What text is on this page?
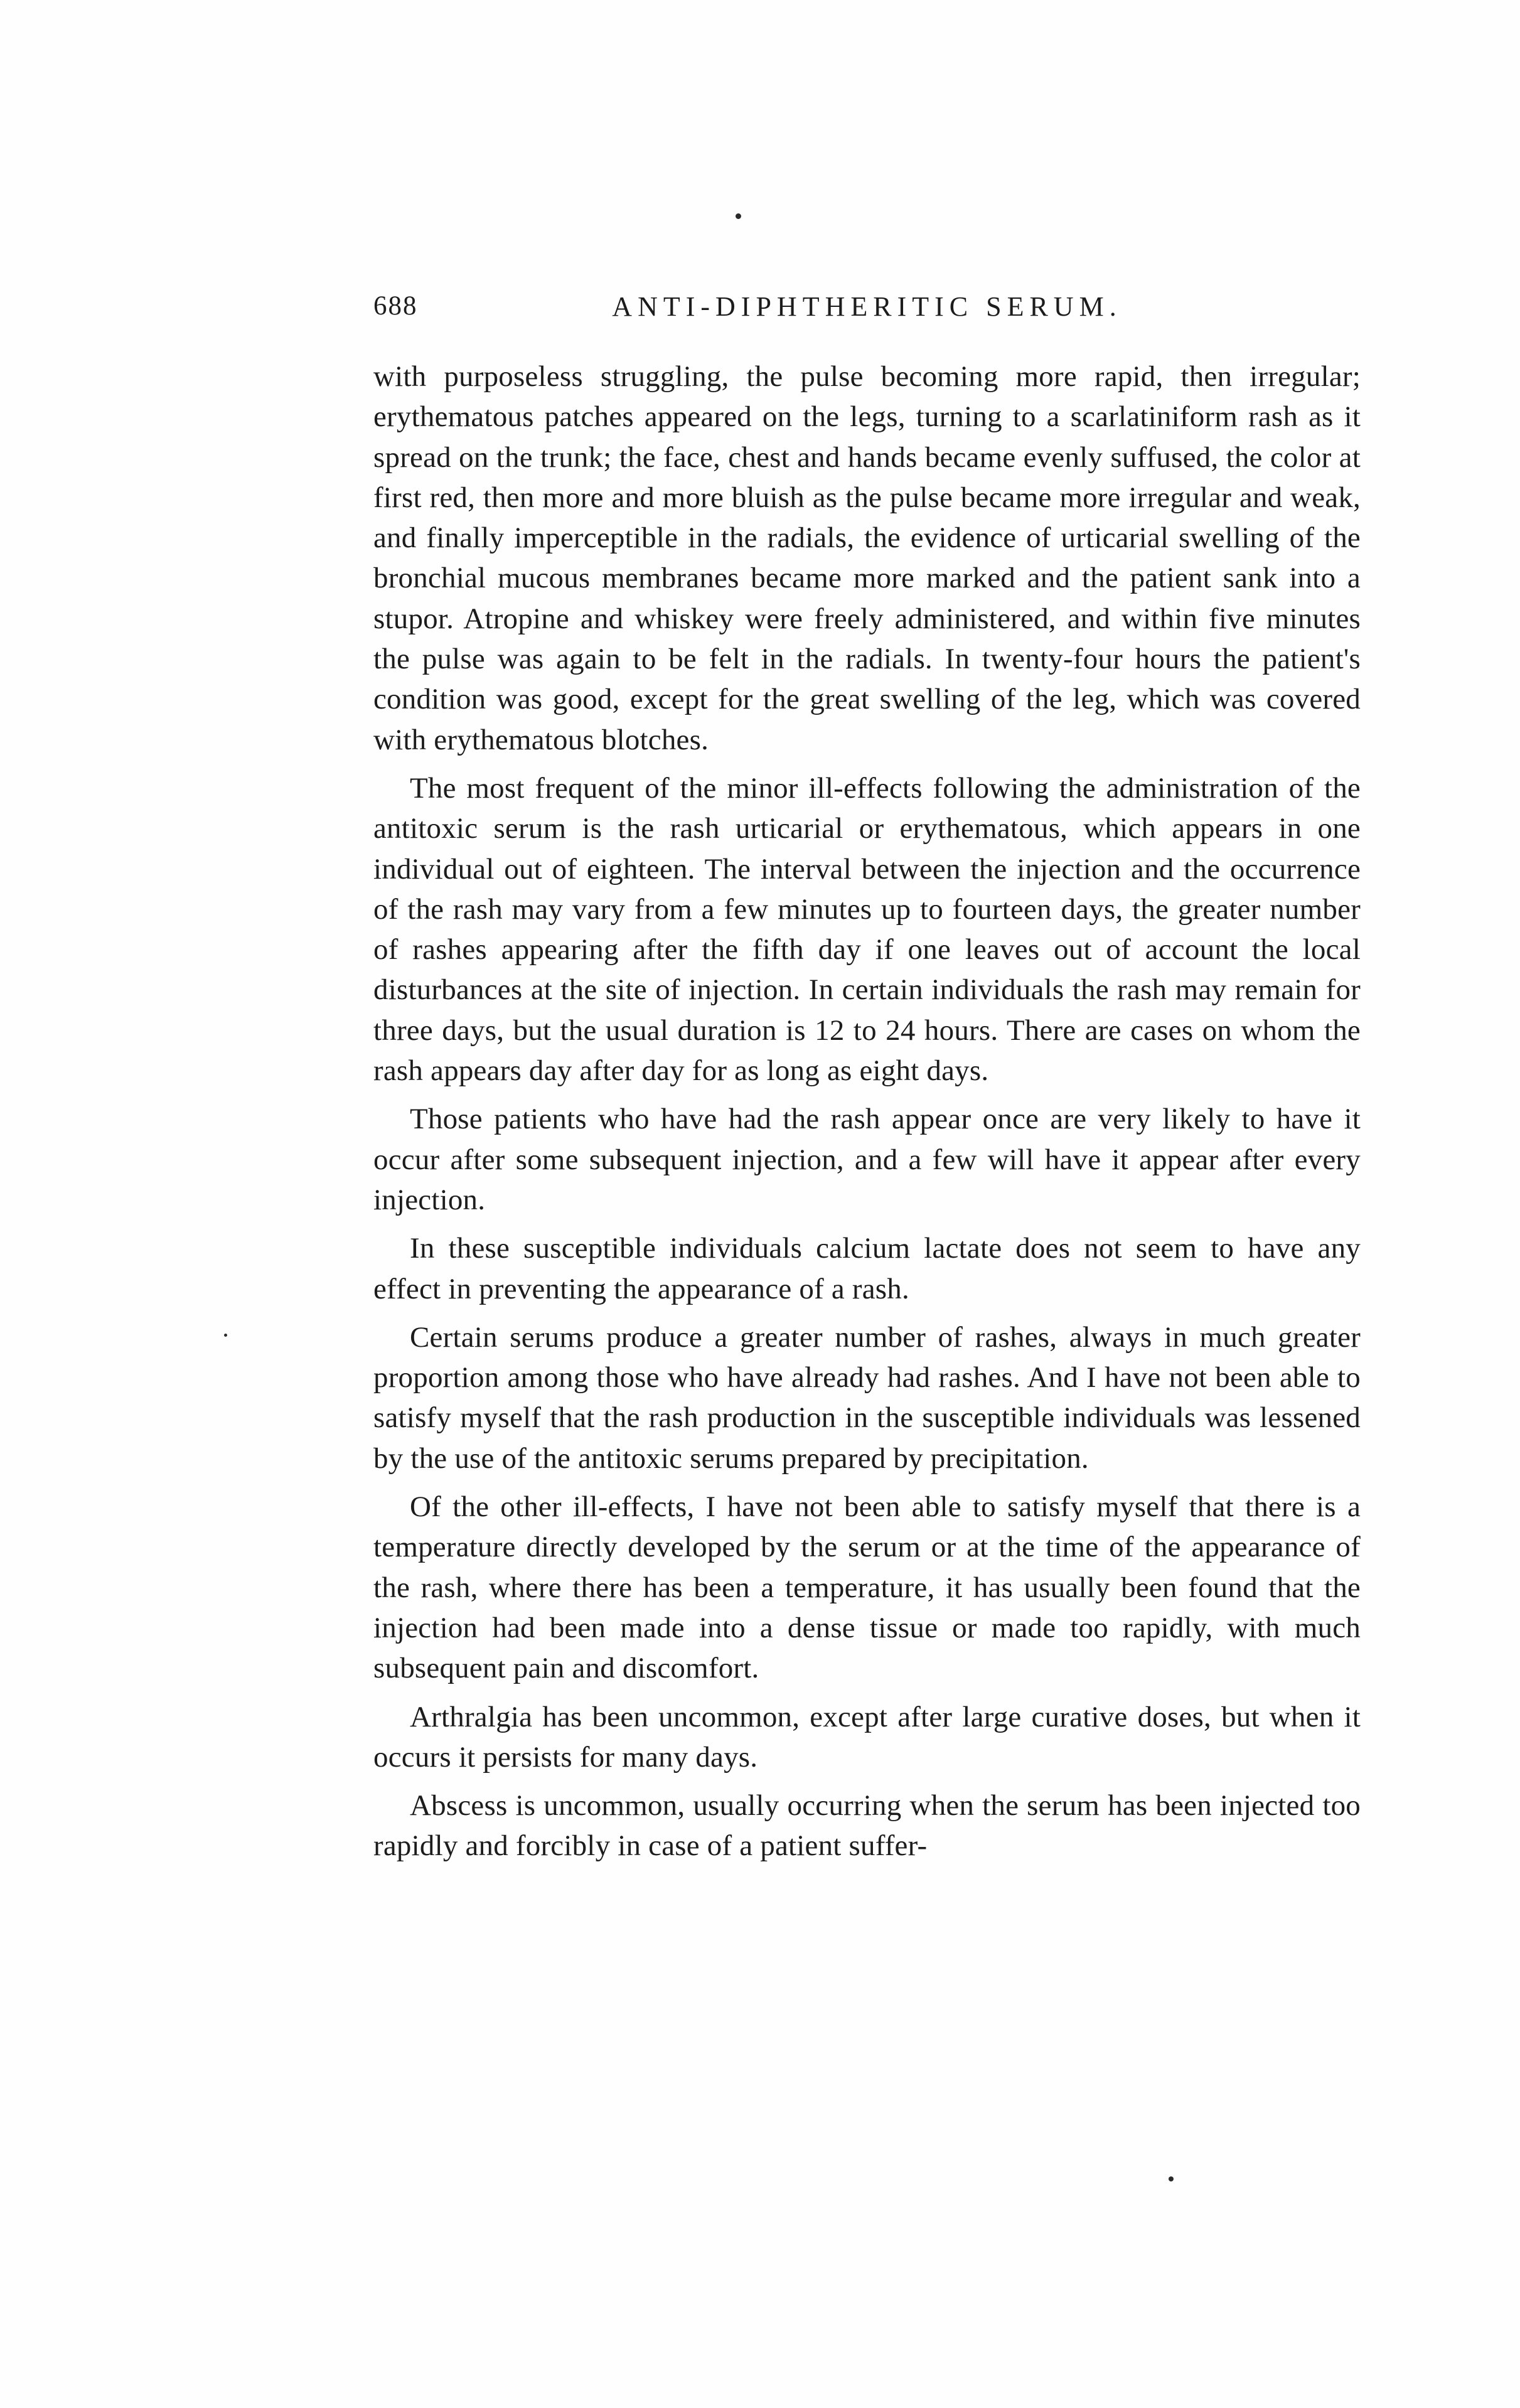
688	ANTI-DIPHTHERITIC SERUM.

with purposeless struggling, the pulse becoming more rapid, then irregular; erythematous patches appeared on the legs, turning to a scarlatiniform rash as it spread on the trunk; the face, chest and hands became evenly suffused, the color at first red, then more and more bluish as the pulse became more irregular and weak, and finally imperceptible in the radials, the evidence of urticarial swelling of the bronchial mucous membranes became more marked and the patient sank into a stupor. Atropine and whiskey were freely administered, and within five minutes the pulse was again to be felt in the radials. In twenty-four hours the patient's condition was good, except for the great swelling of the leg, which was covered with erythematous blotches.

The most frequent of the minor ill-effects following the administration of the antitoxic serum is the rash urticarial or erythematous, which appears in one individual out of eighteen. The interval between the injection and the occurrence of the rash may vary from a few minutes up to fourteen days, the greater number of rashes appearing after the fifth day if one leaves out of account the local disturbances at the site of injection. In certain individuals the rash may remain for three days, but the usual duration is 12 to 24 hours. There are cases on whom the rash appears day after day for as long as eight days.

Those patients who have had the rash appear once are very likely to have it occur after some subsequent injection, and a few will have it appear after every injection.

In these susceptible individuals calcium lactate does not seem to have any effect in preventing the appearance of a rash.

Certain serums produce a greater number of rashes, always in much greater proportion among those who have already had rashes. And I have not been able to satisfy myself that the rash production in the susceptible individuals was lessened by the use of the antitoxic serums prepared by precipitation.

Of the other ill-effects, I have not been able to satisfy myself that there is a temperature directly developed by the serum or at the time of the appearance of the rash, where there has been a temperature, it has usually been found that the injection had been made into a dense tissue or made too rapidly, with much subsequent pain and discomfort.

Arthralgia has been uncommon, except after large curative doses, but when it occurs it persists for many days.

Abscess is uncommon, usually occurring when the serum has been injected too rapidly and forcibly in case of a patient suffer-
